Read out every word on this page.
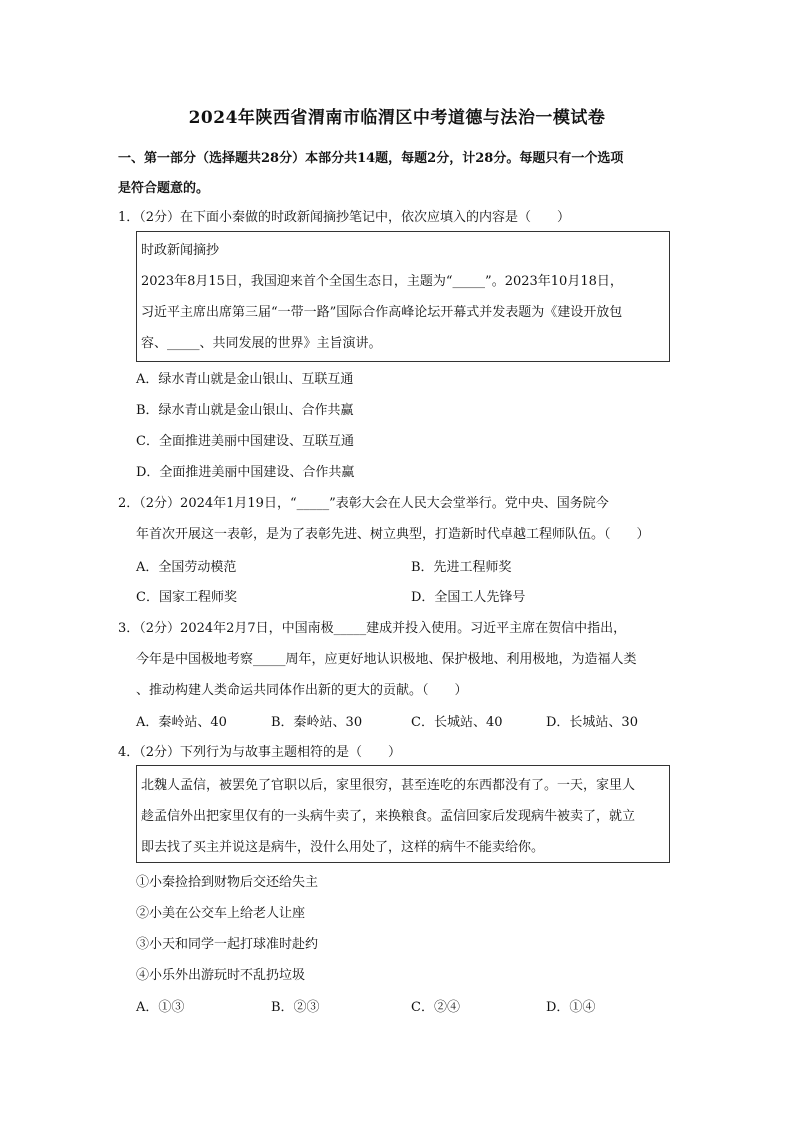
2024年陕西省渭南市临渭区中考道德与法治一模试卷
一、第一部分（选择题共28分）本部分共14题，每题2分，计28分。每题只有一个选项
是符合题意的。
1．（2分）在下面小秦做的时政新闻摘抄笔记中，依次应填入的内容是（　　）
时政新闻摘抄
2023年8月15日，我国迎来首个全国生态日，主题为“_____”。2023年10月18日，
习近平主席出席第三届“一带一路”国际合作高峰论坛开幕式并发表题为《建设开放包
容、_____、共同发展的世界》主旨演讲。
A．绿水青山就是金山银山、互联互通
B．绿水青山就是金山银山、合作共赢
C．全面推进美丽中国建设、互联互通
D．全面推进美丽中国建设、合作共赢
2．（2分）2024年1月19日，“_____”表彰大会在人民大会堂举行。党中央、国务院今
年首次开展这一表彰，是为了表彰先进、树立典型，打造新时代卓越工程师队伍。（　　）
A．全国劳动模范	B．先进工程师奖
C．国家工程师奖	D．全国工人先锋号
3．（2分）2024年2月7日，中国南极_____建成并投入使用。习近平主席在贺信中指出，
今年是中国极地考察_____周年，应更好地认识极地、保护极地、利用极地，为造福人类
、推动构建人类命运共同体作出新的更大的贡献。（　　）
A．秦岭站、40	B．秦岭站、30	C．长城站、40	D．长城站、30
4．（2分）下列行为与故事主题相符的是（　　）
北魏人孟信，被罢免了官职以后，家里很穷，甚至连吃的东西都没有了。一天，家里人
趁孟信外出把家里仅有的一头病牛卖了，来换粮食。孟信回家后发现病牛被卖了，就立
即去找了买主并说这是病牛，没什么用处了，这样的病牛不能卖给你。
①小秦捡拾到财物后交还给失主
②小美在公交车上给老人让座
③小天和同学一起打球准时赴约
④小乐外出游玩时不乱扔垃圾
A．①③	B．②③	C．②④	D．①④
